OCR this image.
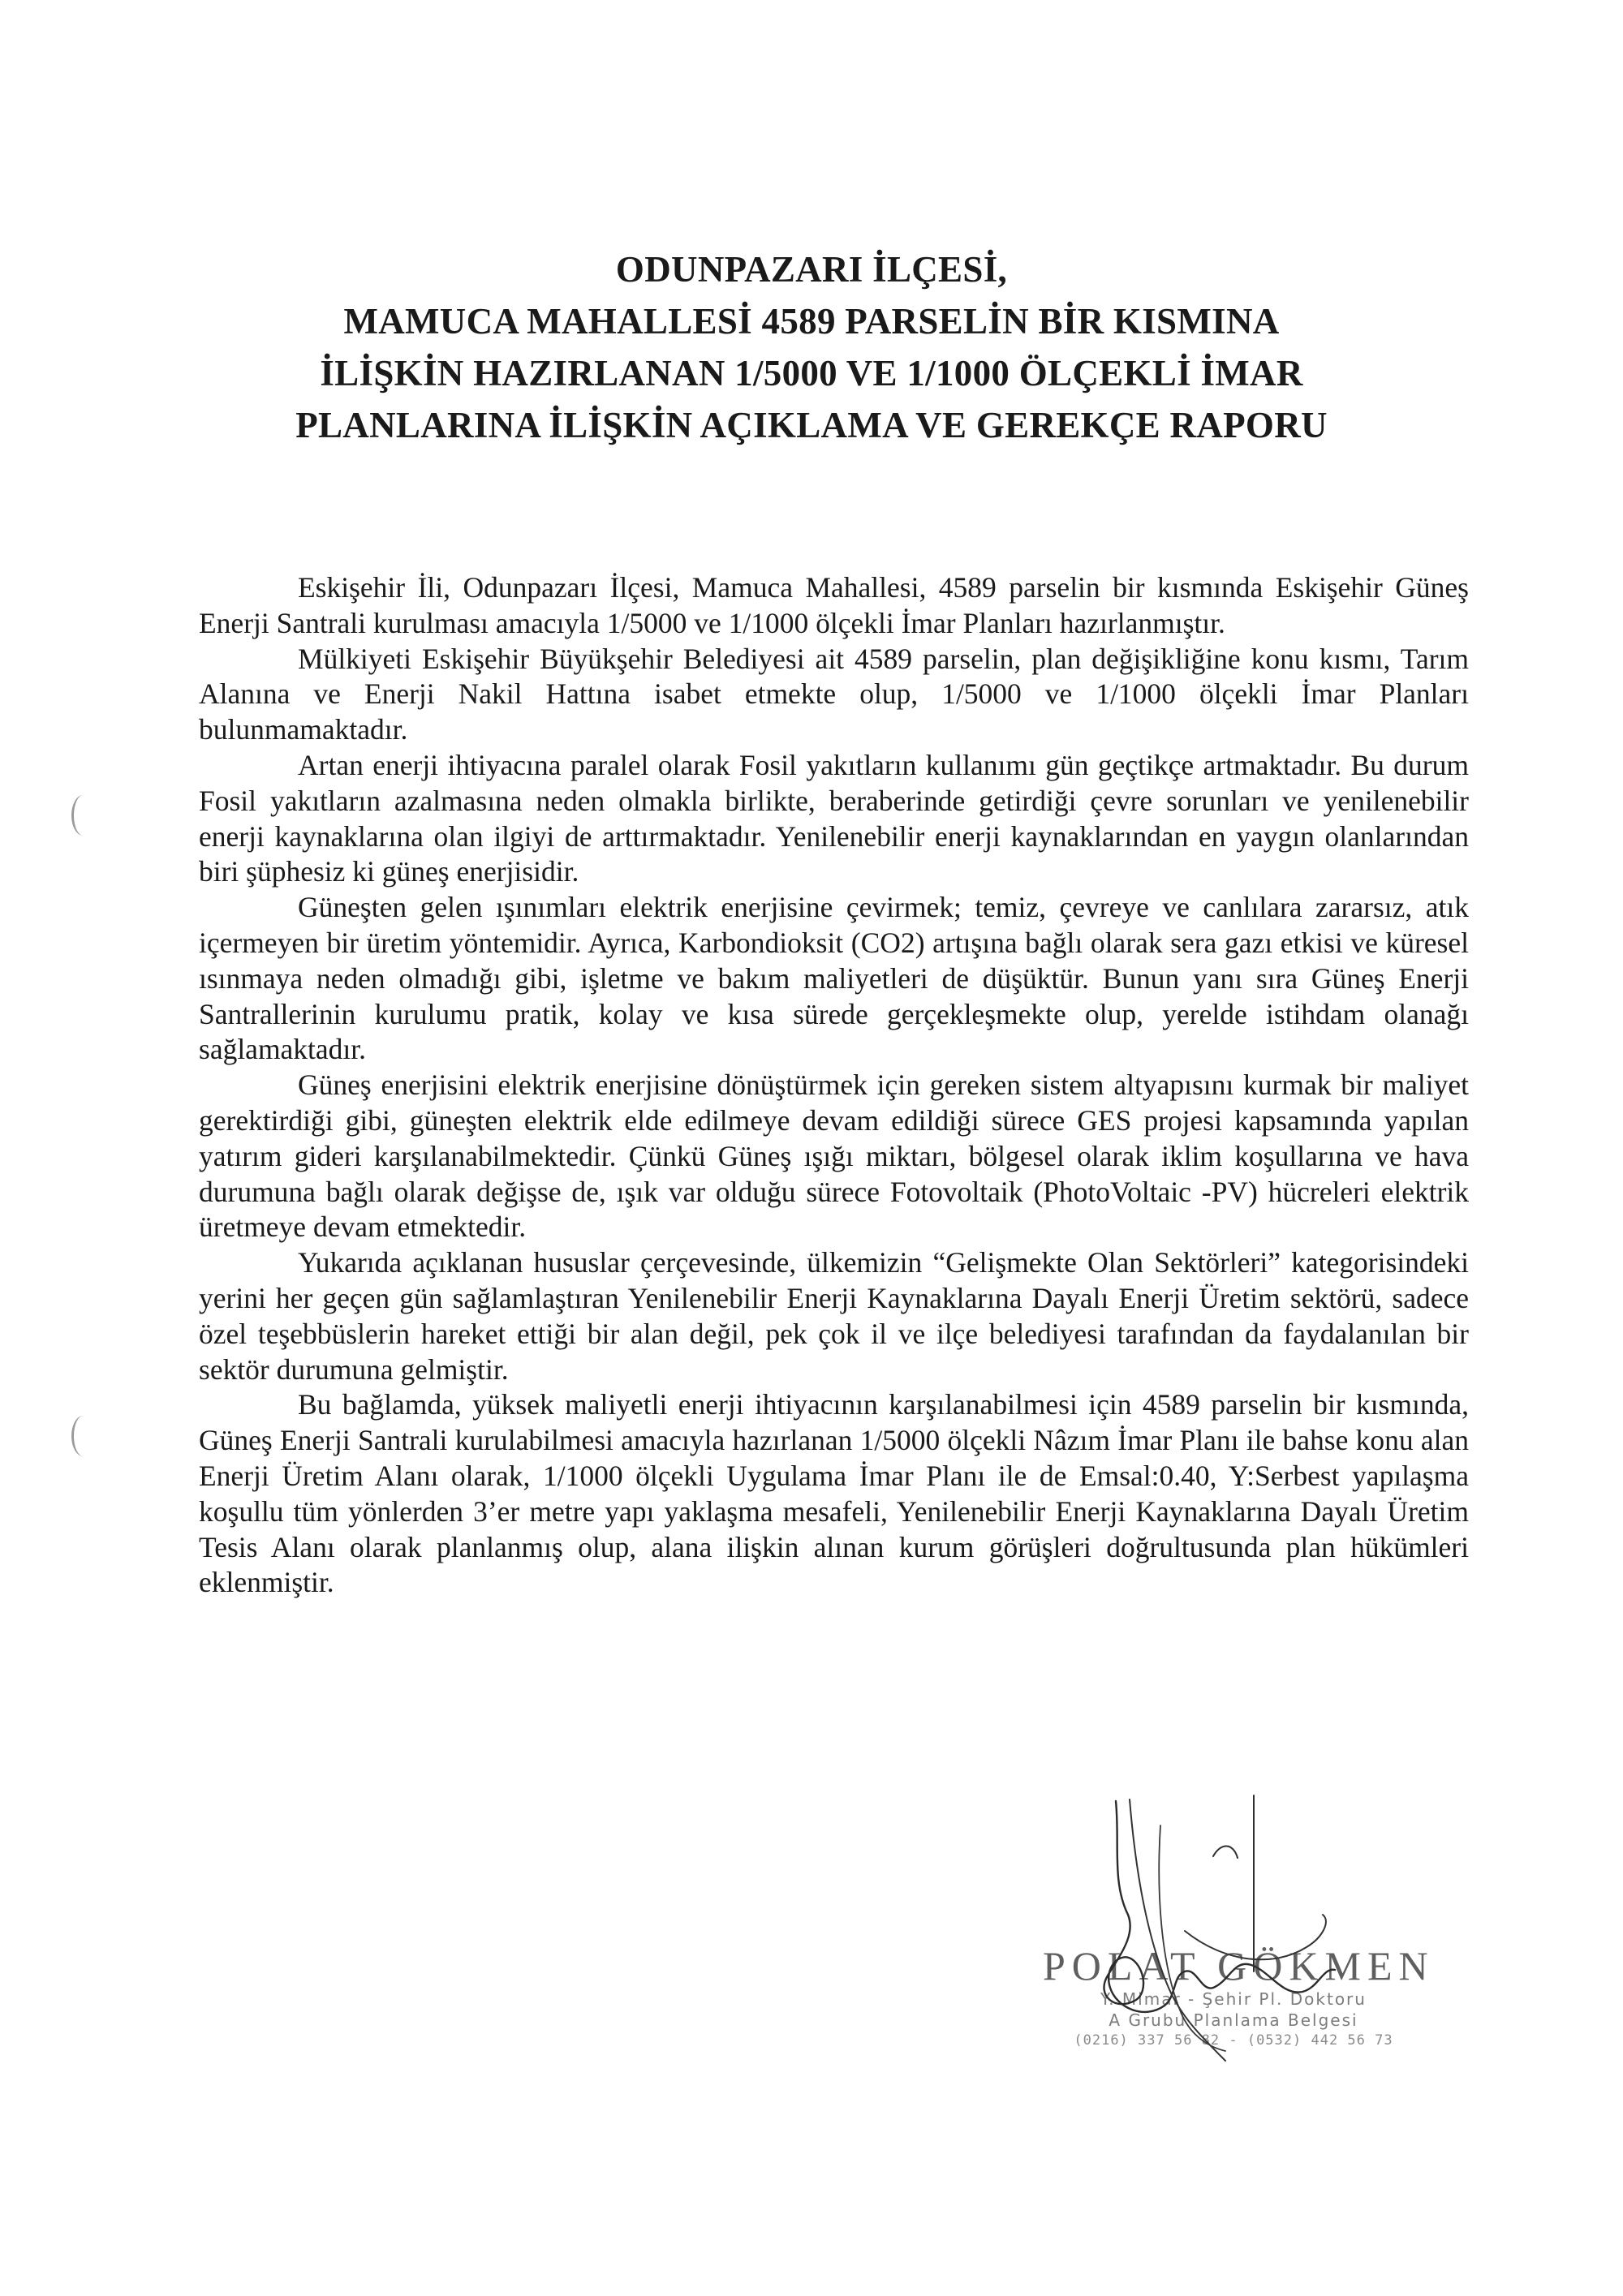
ODUNPAZARI İLÇESİ,
MAMUCA MAHALLESİ 4589 PARSELİN BİR KISMINA
İLİŞKİN HAZIRLANAN 1/5000 VE 1/1000 ÖLÇEKLİ İMAR
PLANLARINA İLİŞKİN AÇIKLAMA VE GEREKÇE RAPORU

Eskişehir İli, Odunpazarı İlçesi, Mamuca Mahallesi, 4589 parselin bir kısmında Eskişehir Güneş Enerji Santrali kurulması amacıyla 1/5000 ve 1/1000 ölçekli İmar Planları hazırlanmıştır.

Mülkiyeti Eskişehir Büyükşehir Belediyesi ait 4589 parselin, plan değişikliğine konu kısmı, Tarım Alanına ve Enerji Nakil Hattına isabet etmekte olup, 1/5000 ve 1/1000 ölçekli İmar Planları bulunmamaktadır.

Artan enerji ihtiyacına paralel olarak Fosil yakıtların kullanımı gün geçtikçe artmaktadır. Bu durum Fosil yakıtların azalmasına neden olmakla birlikte, beraberinde getirdiği çevre sorunları ve yenilenebilir enerji kaynaklarına olan ilgiyi de arttırmaktadır. Yenilenebilir enerji kaynaklarından en yaygın olanlarından biri şüphesiz ki güneş enerjisidir.

Güneşten gelen ışınımları elektrik enerjisine çevirmek; temiz, çevreye ve canlılara zararsız, atık içermeyen bir üretim yöntemidir. Ayrıca, Karbondioksit (CO2) artışına bağlı olarak sera gazı etkisi ve küresel ısınmaya neden olmadığı gibi, işletme ve bakım maliyetleri de düşüktür. Bunun yanı sıra Güneş Enerji Santrallerinin kurulumu pratik, kolay ve kısa sürede gerçekleşmekte olup, yerelde istihdam olanağı sağlamaktadır.

Güneş enerjisini elektrik enerjisine dönüştürmek için gereken sistem altyapısını kurmak bir maliyet gerektirdiği gibi, güneşten elektrik elde edilmeye devam edildiği sürece GES projesi kapsamında yapılan yatırım gideri karşılanabilmektedir. Çünkü Güneş ışığı miktarı, bölgesel olarak iklim koşullarına ve hava durumuna bağlı olarak değişse de, ışık var olduğu sürece Fotovoltaik (PhotoVoltaic -PV) hücreleri elektrik üretmeye devam etmektedir.

Yukarıda açıklanan hususlar çerçevesinde, ülkemizin “Gelişmekte Olan Sektörleri” kategorisindeki yerini her geçen gün sağlamlaştıran Yenilenebilir Enerji Kaynaklarına Dayalı Enerji Üretim sektörü, sadece özel teşebbüslerin hareket ettiği bir alan değil, pek çok il ve ilçe belediyesi tarafından da faydalanılan bir sektör durumuna gelmiştir.

Bu bağlamda, yüksek maliyetli enerji ihtiyacının karşılanabilmesi için 4589 parselin bir kısmında, Güneş Enerji Santrali kurulabilmesi amacıyla hazırlanan 1/5000 ölçekli Nâzım İmar Planı ile bahse konu alan Enerji Üretim Alanı olarak, 1/1000 ölçekli Uygulama İmar Planı ile de Emsal:0.40, Y:Serbest yapılaşma koşullu tüm yönlerden 3’er metre yapı yaklaşma mesafeli, Yenilenebilir Enerji Kaynaklarına Dayalı Üretim Tesis Alanı olarak planlanmış olup, alana ilişkin alınan kurum görüşleri doğrultusunda plan hükümleri eklenmiştir.

POLAT GÖKMEN
Y. Mimar - Şehir Pl. Doktoru
A Grubu Planlama Belgesi
(0216) 337 56 82 - (0532) 442 56 73
